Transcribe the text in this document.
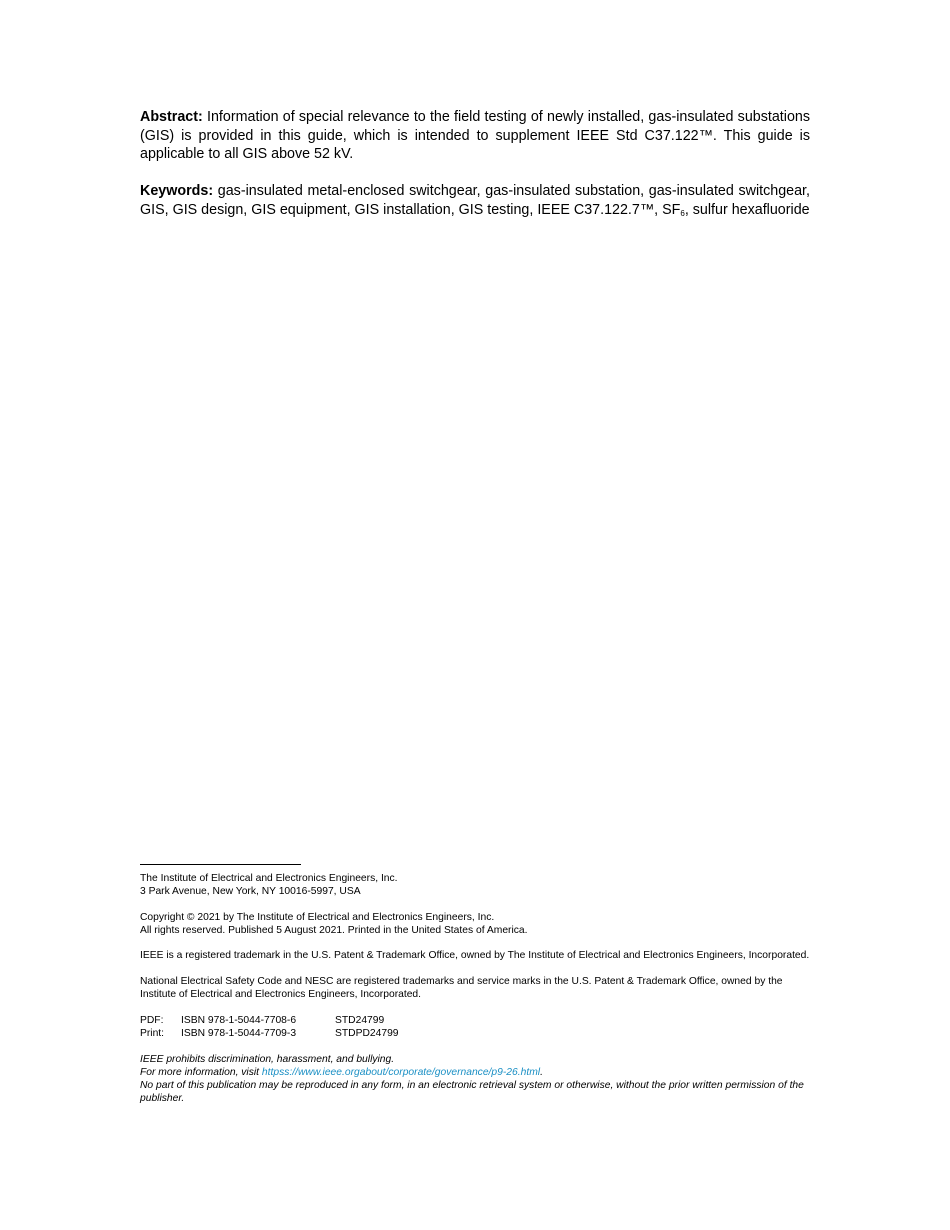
Abstract: Information of special relevance to the field testing of newly installed, gas-insulated substations (GIS) is provided in this guide, which is intended to supplement IEEE Std C37.122™. This guide is applicable to all GIS above 52 kV.
Keywords: gas-insulated metal-enclosed switchgear, gas-insulated substation, gas-insulated switchgear, GIS, GIS design, GIS equipment, GIS installation, GIS testing, IEEE C37.122.7™, $SF_6$, sulfur hexafluoride

The Institute of Electrical and Electronics Engineers, Inc.

3 Park Avenue, New York, NY 10016-5997, USA

Copyright © 2021 by The Institute of Electrical and Electronics Engineers, Inc.

All rights reserved. Published 5 August 2021. Printed in the United States of America.

IEEE is a registered trademark in the U.S. Patent & Trademark Office, owned by The Institute of Electrical and Electronics Engineers, Incorporated.

National Electrical Safety Code and NESC are registered trademarks and service marks in the U.S. Patent & Trademark Office, owned by the Institute of Electrical and Electronics Engineers, Incorporated.

PDF: ISBN 978-1-5044-7708-6	STD24799
Print: ISBN 978-1-5044-7709-3	STDPD24799

IEEE prohibits discrimination, harassment, and bullying.

For more information, visit httpss://www.ieee.orgabout/corporate/governance/p9-26.html.

No part of this publication may be reproduced in any form, in an electronic retrieval system or otherwise, without the prior written permission of the publisher.
